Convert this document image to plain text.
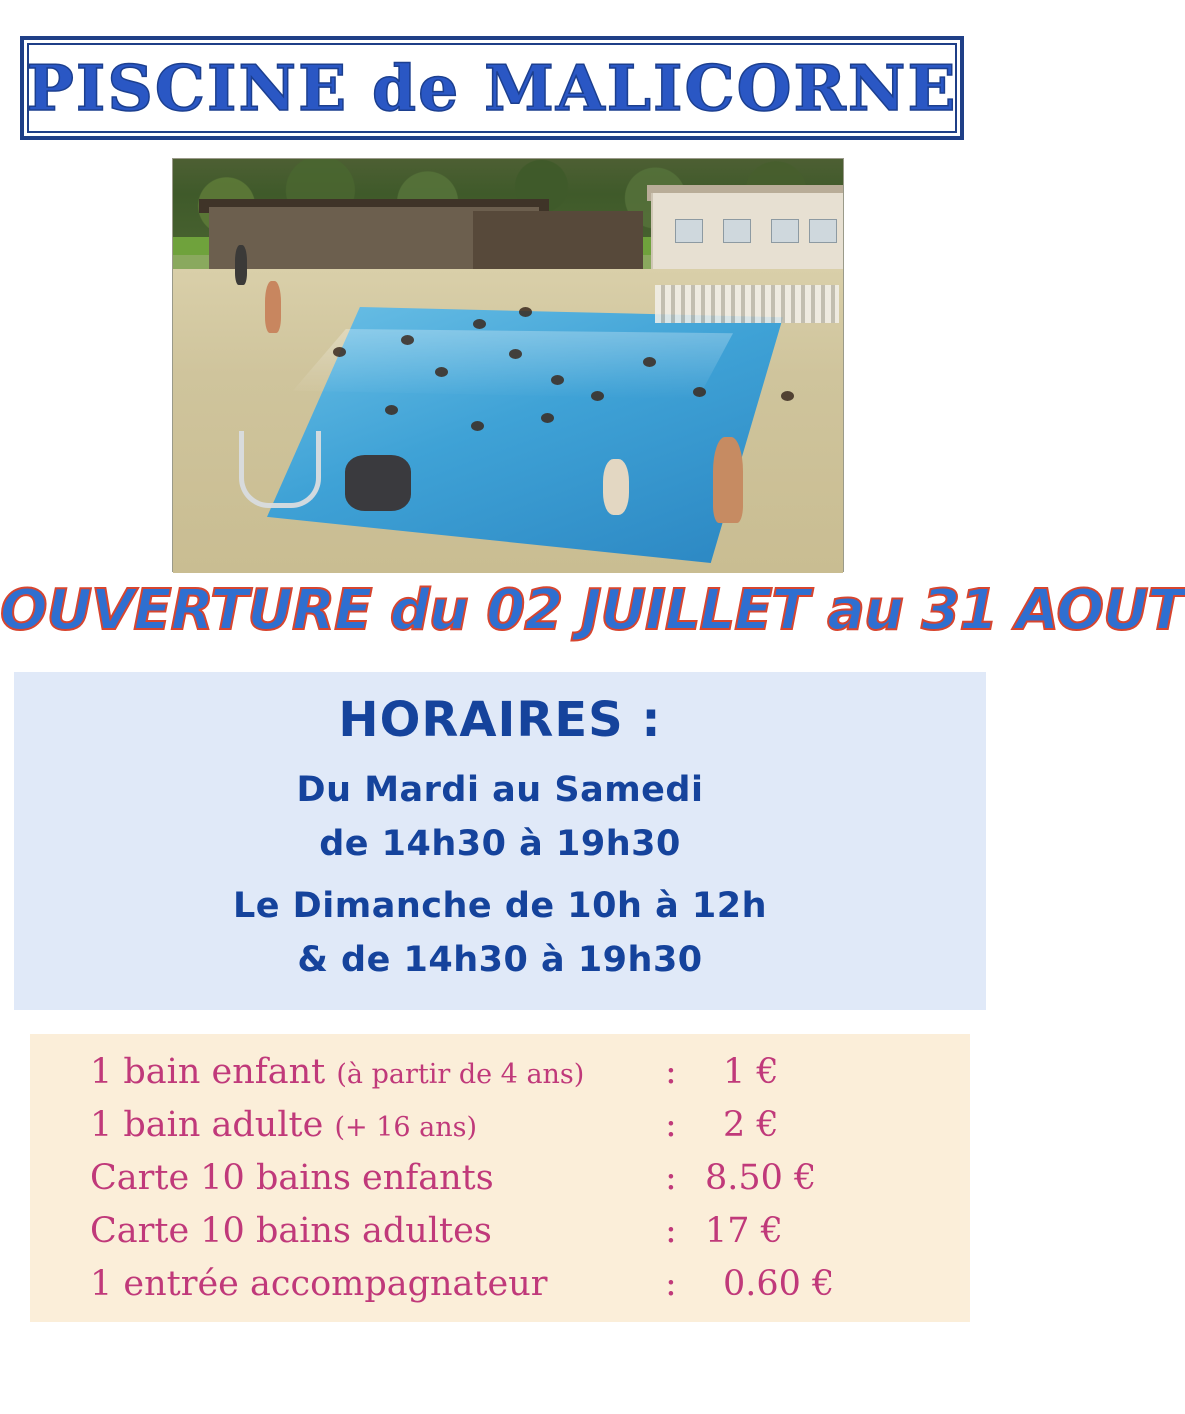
PISCINE de MALICORNE
OUVERTURE du 02 JUILLET au 31 AOUT
HORAIRES :
Du Mardi au Samedi
de 14h30 à 19h30
Le Dimanche de 10h à 12h
& de 14h30 à 19h30
1 bain enfant (à partir de 4 ans)	:	1 €
1 bain adulte (+ 16 ans)	:	2 €
Carte 10 bains enfants	: 8.50 €
Carte 10 bains adultes	: 17 €
1 entrée accompagnateur	:	0.60 €
